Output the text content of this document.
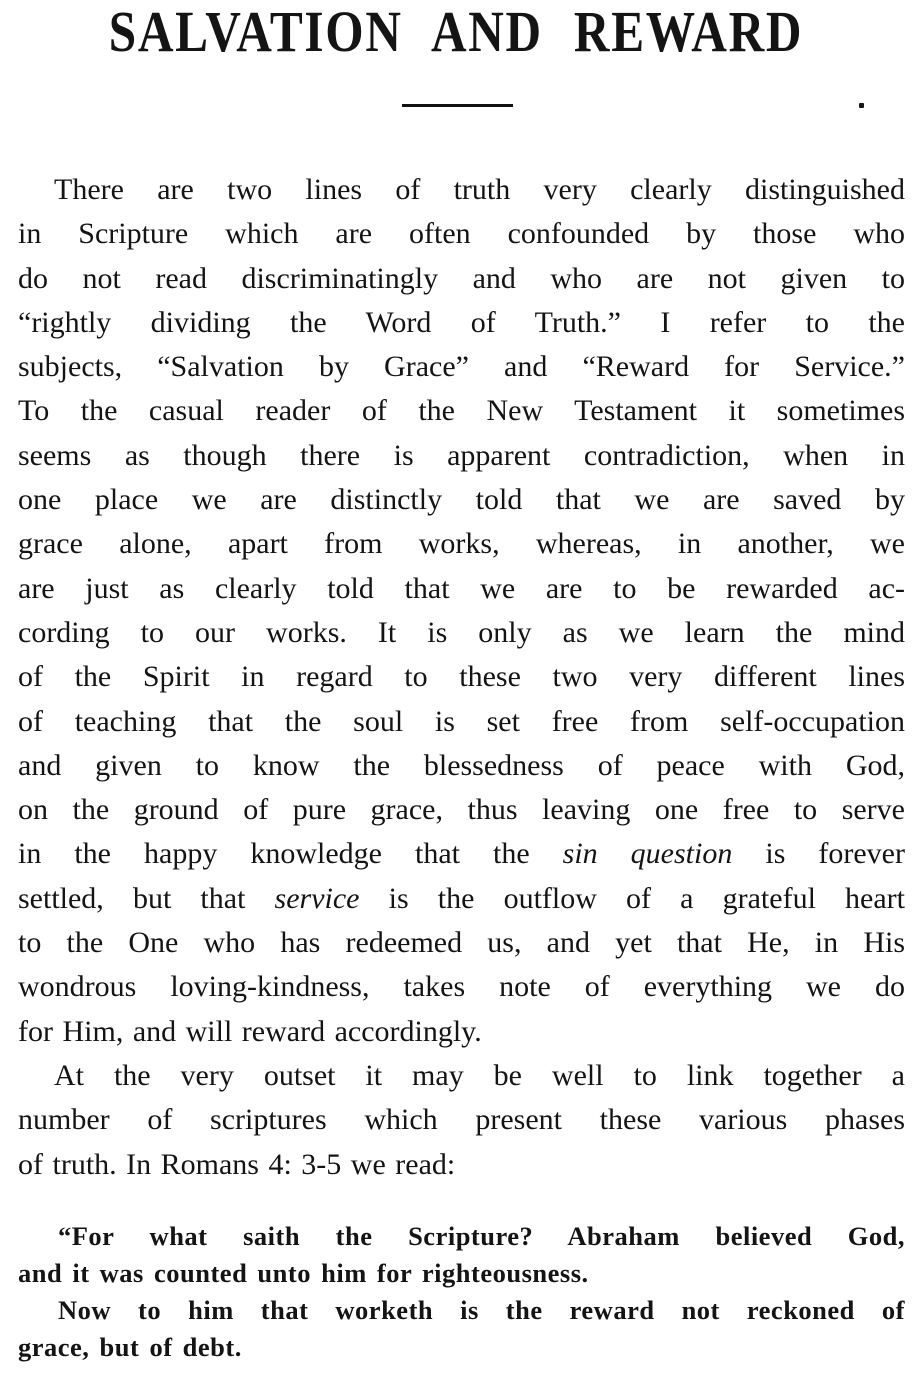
SALVATION AND REWARD
There are two lines of truth very clearly distinguished
in Scripture which are often confounded by those who
do not read discriminatingly and who are not given to
“rightly dividing the Word of Truth.” I refer to the
subjects, “Salvation by Grace” and “Reward for Service.”
To the casual reader of the New Testament it sometimes
seems as though there is apparent contradiction, when in
one place we are distinctly told that we are saved by
grace alone, apart from works, whereas, in another, we
are just as clearly told that we are to be rewarded ac-
cording to our works. It is only as we learn the mind
of the Spirit in regard to these two very different lines
of teaching that the soul is set free from self-occupation
and given to know the blessedness of peace with God,
on the ground of pure grace, thus leaving one free to serve
in the happy knowledge that the sin question is forever
settled, but that service is the outflow of a grateful heart
to the One who has redeemed us, and yet that He, in His
wondrous loving-kindness, takes note of everything we do
for Him, and will reward accordingly.
At the very outset it may be well to link together a
number of scriptures which present these various phases
of truth. In Romans 4: 3-5 we read:
“For what saith the Scripture? Abraham believed God,
and it was counted unto him for righteousness.
Now to him that worketh is the reward not reckoned of
grace, but of debt.
